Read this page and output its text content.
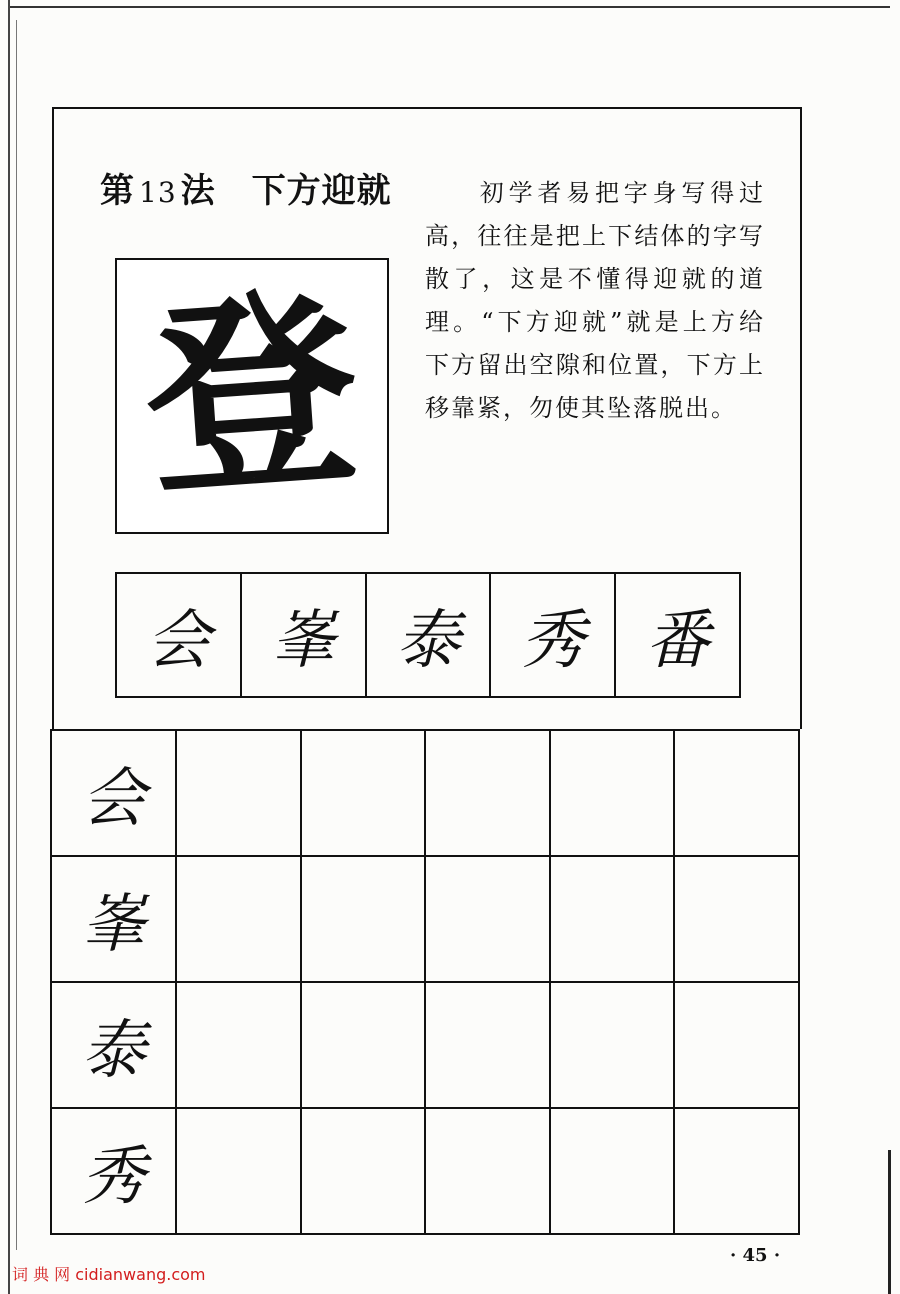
第 13 法 下方迎就	初学者易把字身写得过高，往往是把上下结体的字写散了，这是不懂得迎就的道理。“下方迎就”就是上方给下方留出空隙和位置，下方上移靠紧，勿使其坠落脱出。
登
会 峯 泰 秀 番
会
峯
泰
秀
· 45 ·
词 典 网 cidianwang.com
